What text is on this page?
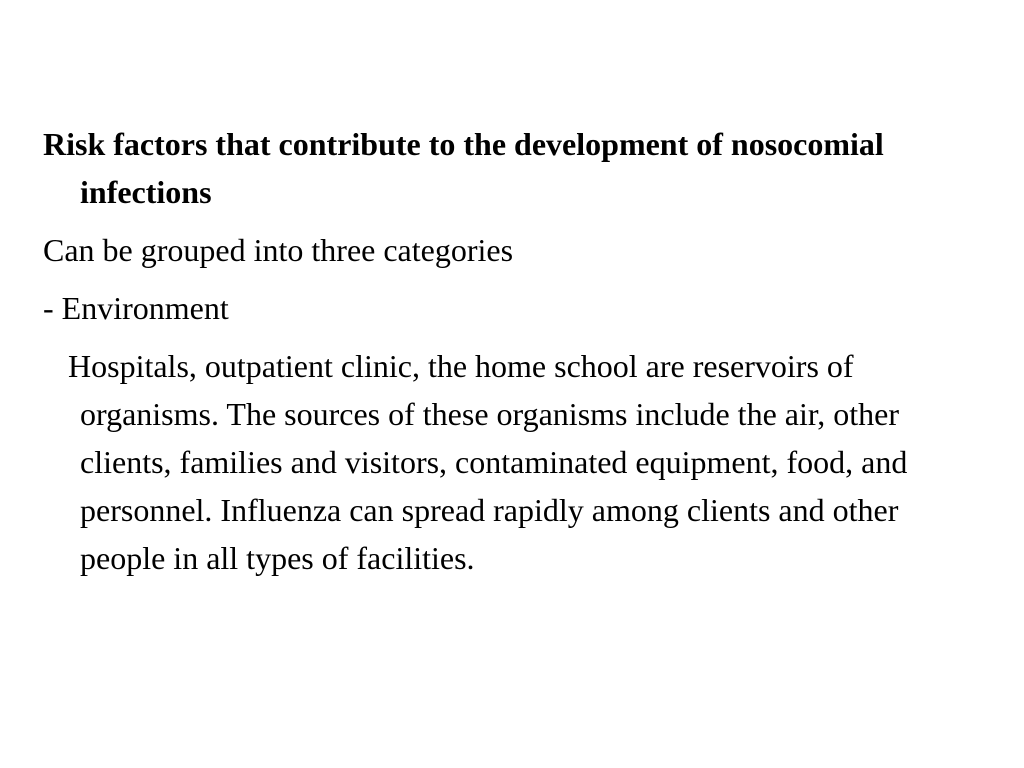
Risk factors that contribute to the development of nosocomial infections

Can be grouped into three categories

- Environment

Hospitals, outpatient clinic, the home school are reservoirs of organisms. The sources of these organisms include the air, other clients, families and visitors, contaminated equipment, food, and personnel. Influenza can spread rapidly among clients and other people in all types of facilities.
